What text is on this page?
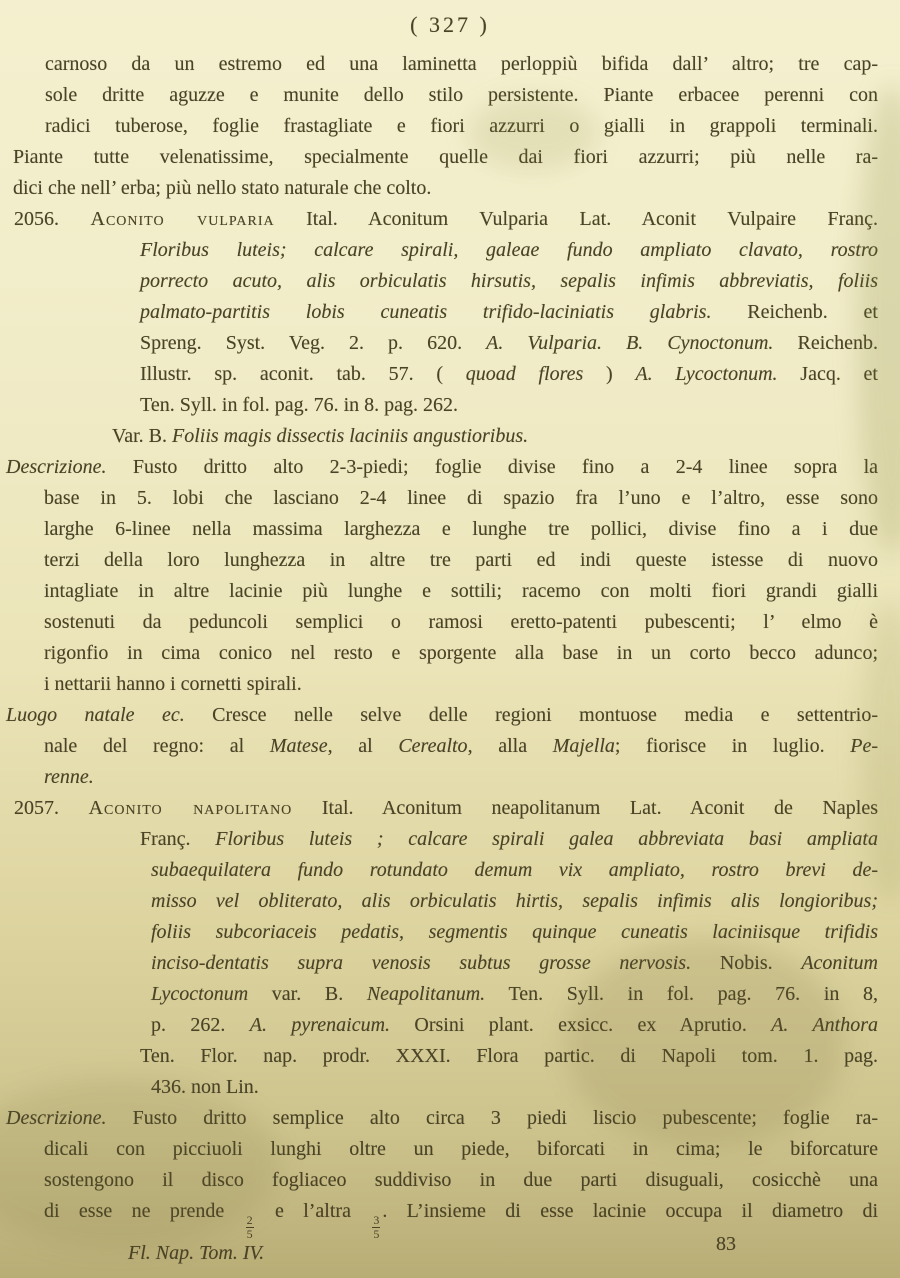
( 327 )
carnoso da un estremo ed una laminetta perloppiù bifida dall’ altro; tre cap-
sole dritte aguzze e munite dello stilo persistente. Piante erbacee perenni con
radici tuberose, foglie frastagliate e fiori azzurri o gialli in grappoli terminali.
Piante tutte velenatissime, specialmente quelle dai fiori azzurri; più nelle ra-
dici che nell’ erba; più nello stato naturale che colto.
2056. Aconito vulparia Ital. Aconitum Vulparia Lat. Aconit Vulpaire Franç.
Floribus luteis; calcare spirali, galeae fundo ampliato clavato, rostro
porrecto acuto, alis orbiculatis hirsutis, sepalis infimis abbreviatis, foliis
palmato-partitis lobis cuneatis trifido-laciniatis glabris. Reichenb. et
Spreng. Syst. Veg. 2. p. 620. A. Vulparia. B. Cynoctonum. Reichenb.
Illustr. sp. aconit. tab. 57. ( quoad flores ) A. Lycoctonum. Jacq. et
Ten. Syll. in fol. pag. 76. in 8. pag. 262.
Var. B. Foliis magis dissectis laciniis angustioribus.
Descrizione. Fusto dritto alto 2-3-piedi; foglie divise fino a 2-4 linee sopra la
base in 5. lobi che lasciano 2-4 linee di spazio fra l’uno e l’altro, esse sono
larghe 6-linee nella massima larghezza e lunghe tre pollici, divise fino a i due
terzi della loro lunghezza in altre tre parti ed indi queste istesse di nuovo
intagliate in altre lacinie più lunghe e sottili; racemo con molti fiori grandi gialli
sostenuti da peduncoli semplici o ramosi eretto-patenti pubescenti; l’ elmo è
rigonfio in cima conico nel resto e sporgente alla base in un corto becco adunco;
i nettarii hanno i cornetti spirali.
Luogo natale ec. Cresce nelle selve delle regioni montuose media e settentrio-
nale del regno: al Matese, al Cerealto, alla Majella; fiorisce in luglio. Pe-
renne.
2057. Aconito napolitano Ital. Aconitum neapolitanum Lat. Aconit de Naples
Franç. Floribus luteis ; calcare spirali galea abbreviata basi ampliata
subaequilatera fundo rotundato demum vix ampliato, rostro brevi de-
misso vel obliterato, alis orbiculatis hirtis, sepalis infimis alis longioribus;
foliis subcoriaceis pedatis, segmentis quinque cuneatis laciniisque trifidis
inciso-dentatis supra venosis subtus grosse nervosis. Nobis. Aconitum
Lycoctonum var. B. Neapolitanum. Ten. Syll. in fol. pag. 76. in 8,
p. 262. A. pyrenaicum. Orsini plant. exsicc. ex Aprutio. A. Anthora
Ten. Flor. nap. prodr. XXXI. Flora partic. di Napoli tom. 1. pag.
436. non Lin.
Descrizione. Fusto dritto semplice alto circa 3 piedi liscio pubescente; foglie ra-
dicali con picciuoli lunghi oltre un piede, biforcati in cima; le biforcature
sostengono il disco fogliaceo suddiviso in due parti disuguali, cosicchè una
di esse ne prende
$\frac{2}{5}$
e l’altra
$\frac{3}{5}$
. L’insieme di esse lacinie occupa il diametro di
Fl. Nap. Tom. IV.	83
